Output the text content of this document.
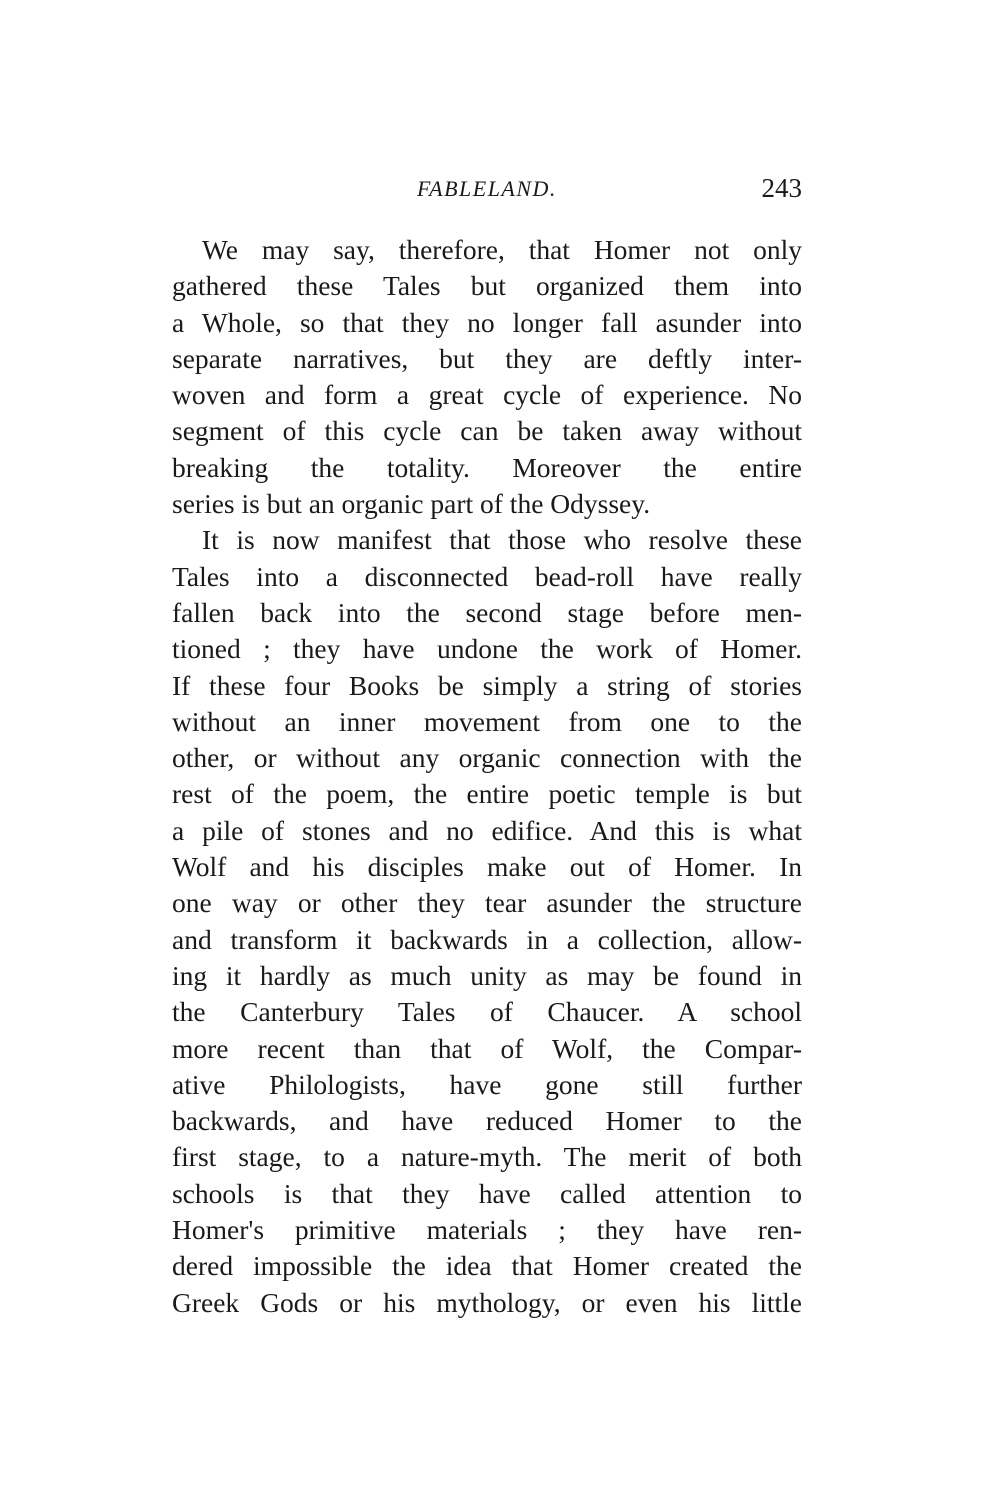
FABLELAND.	243
We may say, therefore, that Homer not only
gathered these Tales but organized them into
a Whole, so that they no longer fall asunder into
separate narratives, but they are deftly inter-
woven and form a great cycle of experience. No
segment of this cycle can be taken away without
breaking the totality. Moreover the entire
series is but an organic part of the Odyssey.
It is now manifest that those who resolve these
Tales into a disconnected bead-roll have really
fallen back into the second stage before men-
tioned ; they have undone the work of Homer.
If these four Books be simply a string of stories
without an inner movement from one to the
other, or without any organic connection with the
rest of the poem, the entire poetic temple is but
a pile of stones and no edifice. And this is what
Wolf and his disciples make out of Homer. In
one way or other they tear asunder the structure
and transform it backwards in a collection, allow-
ing it hardly as much unity as may be found in
the Canterbury Tales of Chaucer. A school
more recent than that of Wolf, the Compar-
ative Philologists, have gone still further
backwards, and have reduced Homer to the
first stage, to a nature-myth. The merit of both
schools is that they have called attention to
Homer's primitive materials ; they have ren-
dered impossible the idea that Homer created the
Greek Gods or his mythology, or even his little
